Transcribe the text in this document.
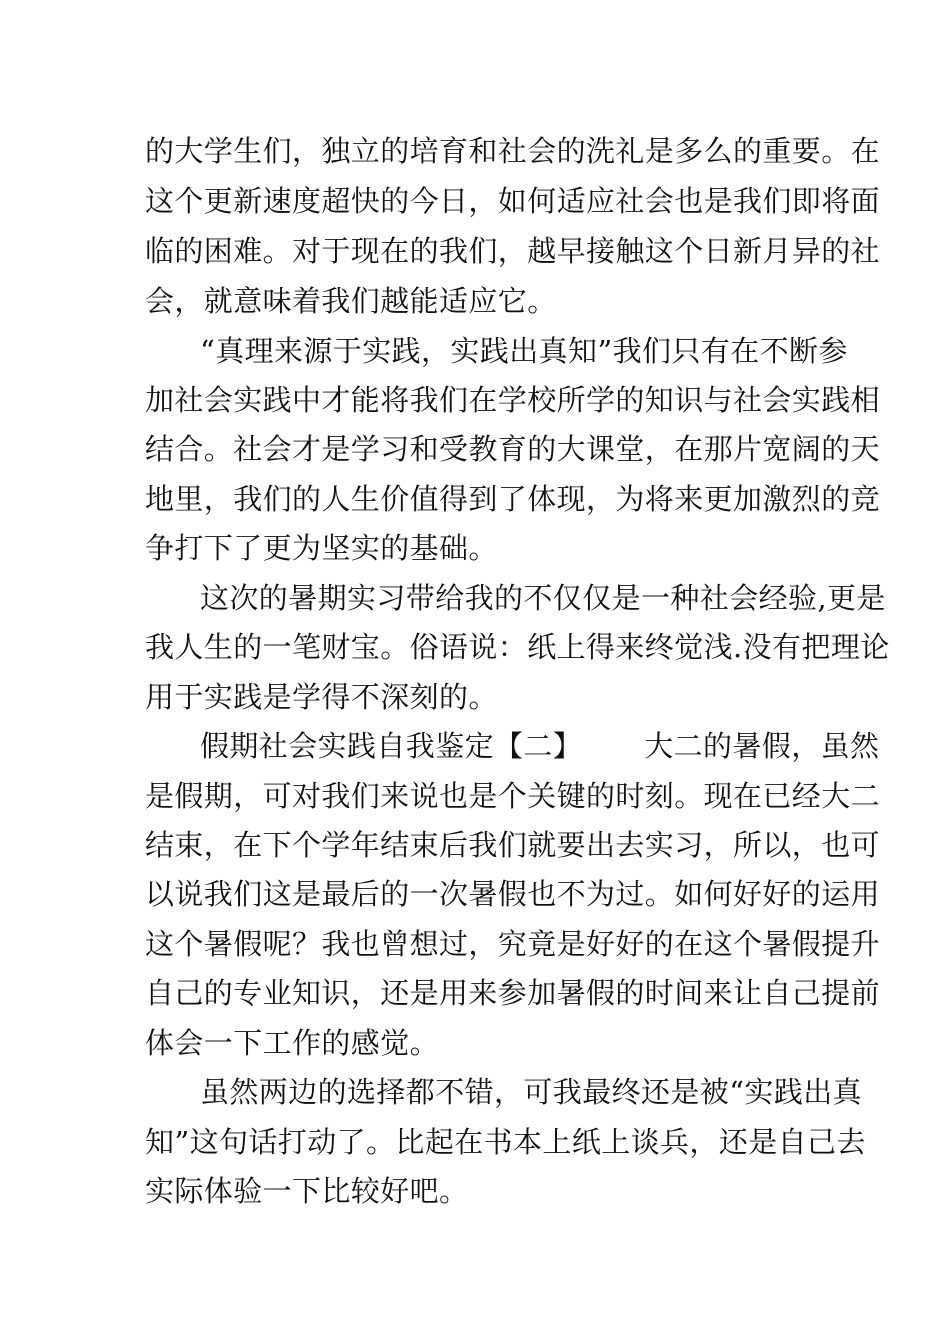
的大学生们，独立的培育和社会的洗礼是多么的重要。在
这个更新速度超快的今日，如何适应社会也是我们即将面
临的困难。对于现在的我们，越早接触这个日新月异的社
会，就意味着我们越能适应它。
“真理来源于实践，实践出真知”我们只有在不断参
加社会实践中才能将我们在学校所学的知识与社会实践相
结合。社会才是学习和受教育的大课堂，在那片宽阔的天
地里，我们的人生价值得到了体现，为将来更加激烈的竞
争打下了更为坚实的基础。
这次的暑期实习带给我的不仅仅是一种社会经验,更是
我人生的一笔财宝。俗语说：纸上得来终觉浅.没有把理论
用于实践是学得不深刻的。
假期社会实践自我鉴定【二】 大二的暑假，虽然
是假期，可对我们来说也是个关键的时刻。现在已经大二
结束，在下个学年结束后我们就要出去实习，所以，也可
以说我们这是最后的一次暑假也不为过。如何好好的运用
这个暑假呢？我也曾想过，究竟是好好的在这个暑假提升
自己的专业知识，还是用来参加暑假的时间来让自己提前
体会一下工作的感觉。
虽然两边的选择都不错，可我最终还是被“实践出真
知”这句话打动了。比起在书本上纸上谈兵，还是自己去
实际体验一下比较好吧。
